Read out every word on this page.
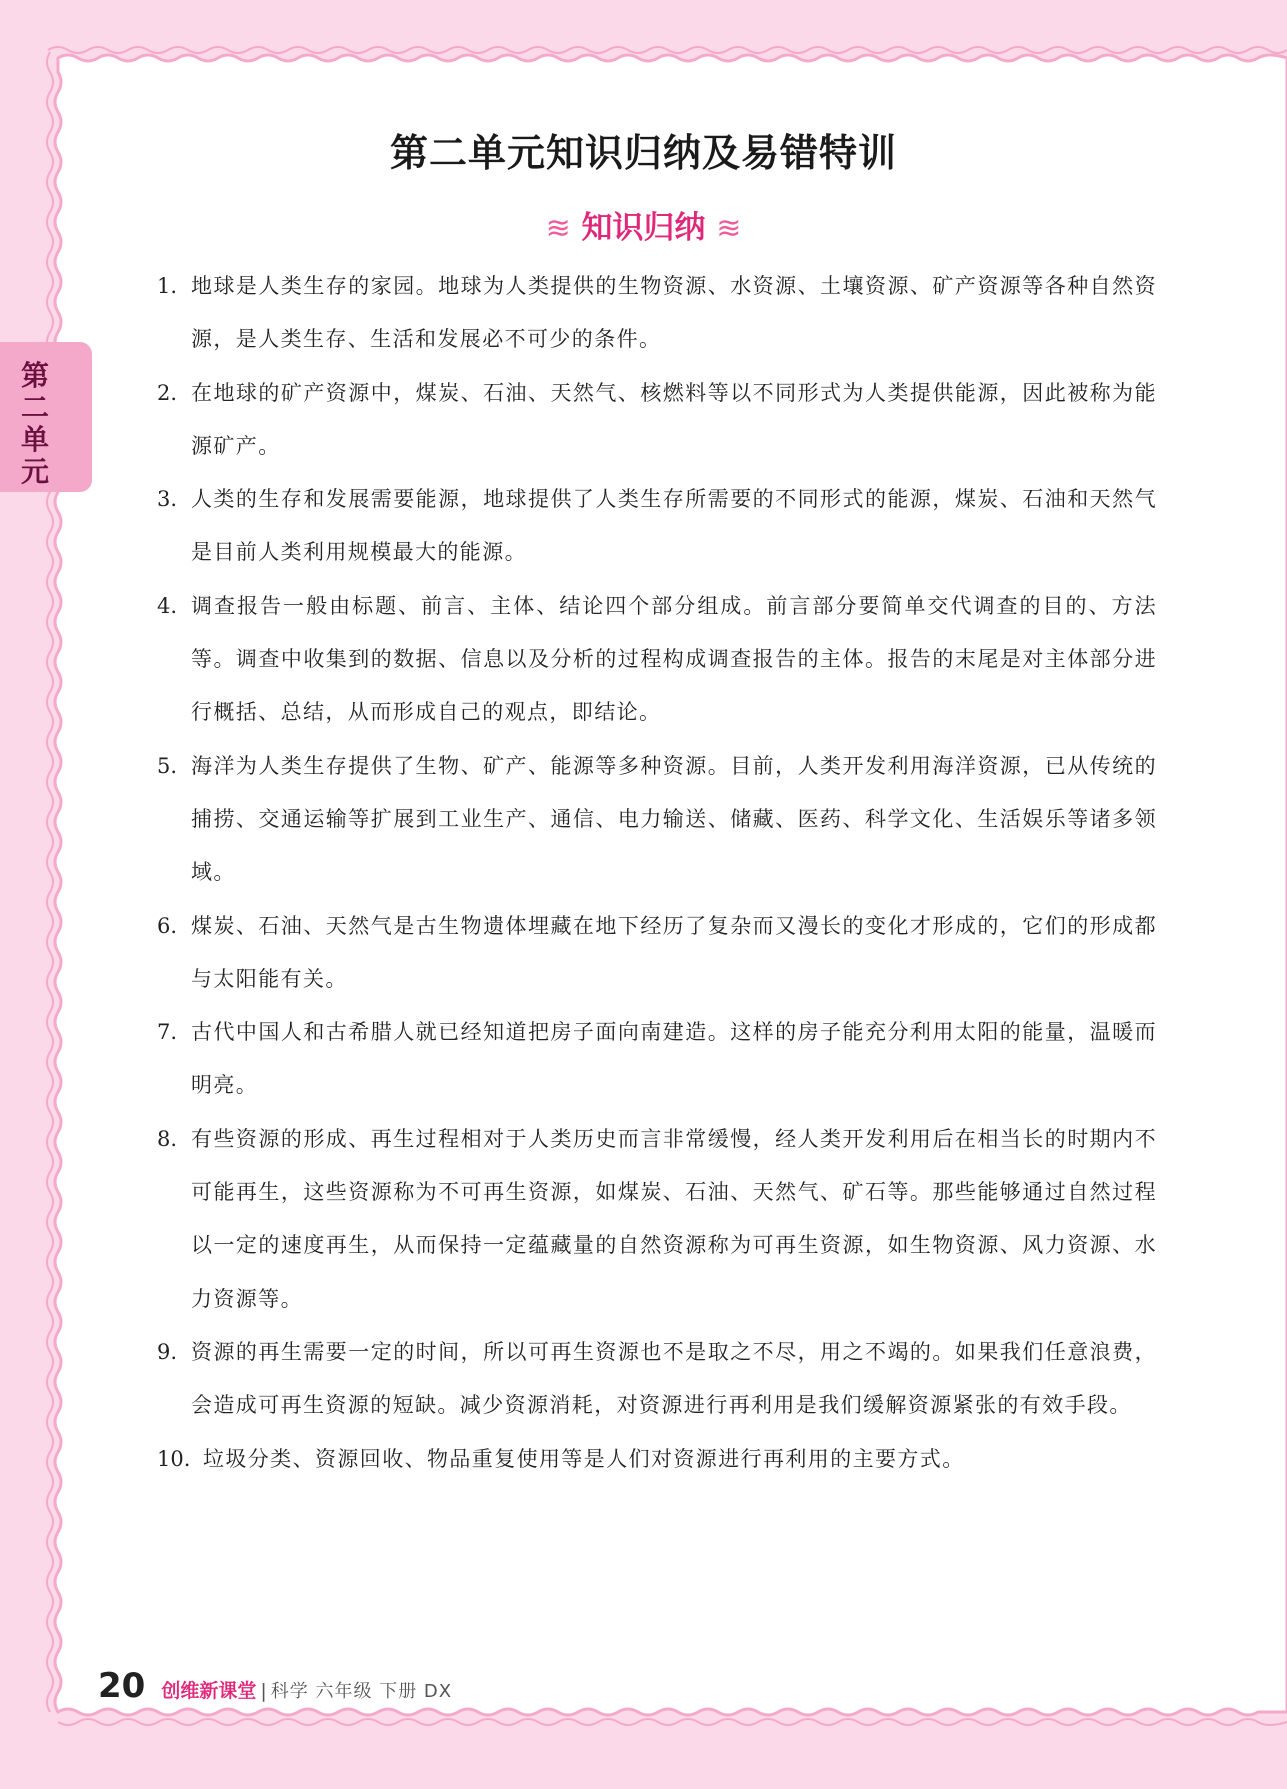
第二单元知识归纳及易错特训
≋ 知识归纳 ≋
第二单元
1. 地球是人类生存的家园。地球为人类提供的生物资源、水资源、土壤资源、矿产资源等各种自然资源，是人类生存、生活和发展必不可少的条件。
2. 在地球的矿产资源中，煤炭、石油、天然气、核燃料等以不同形式为人类提供能源，因此被称为能源矿产。
3. 人类的生存和发展需要能源，地球提供了人类生存所需要的不同形式的能源，煤炭、石油和天然气是目前人类利用规模最大的能源。
4. 调查报告一般由标题、前言、主体、结论四个部分组成。前言部分要简单交代调查的目的、方法等。调查中收集到的数据、信息以及分析的过程构成调查报告的主体。报告的末尾是对主体部分进行概括、总结，从而形成自己的观点，即结论。
5. 海洋为人类生存提供了生物、矿产、能源等多种资源。目前，人类开发利用海洋资源，已从传统的捕捞、交通运输等扩展到工业生产、通信、电力输送、储藏、医药、科学文化、生活娱乐等诸多领域。
6. 煤炭、石油、天然气是古生物遗体埋藏在地下经历了复杂而又漫长的变化才形成的，它们的形成都与太阳能有关。
7. 古代中国人和古希腊人就已经知道把房子面向南建造。这样的房子能充分利用太阳的能量，温暖而明亮。
8. 有些资源的形成、再生过程相对于人类历史而言非常缓慢，经人类开发利用后在相当长的时期内不可能再生，这些资源称为不可再生资源，如煤炭、石油、天然气、矿石等。那些能够通过自然过程以一定的速度再生，从而保持一定蕴藏量的自然资源称为可再生资源，如生物资源、风力资源、水力资源等。
9. 资源的再生需要一定的时间，所以可再生资源也不是取之不尽，用之不竭的。如果我们任意浪费，会造成可再生资源的短缺。减少资源消耗，对资源进行再利用是我们缓解资源紧张的有效手段。
10. 垃圾分类、资源回收、物品重复使用等是人们对资源进行再利用的主要方式。
20 创维新课堂 | 科学 六年级 下册 DX
